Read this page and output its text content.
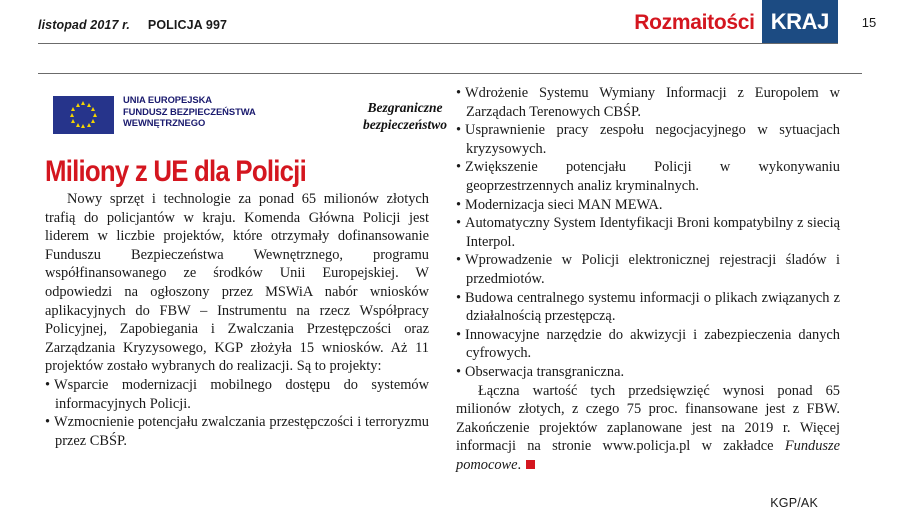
listopad 2017 r. POLICJA 997	Rozmaitości KRAJ	15
UNIA EUROPEJSKA
FUNDUSZ BEZPIECZEŃSTWA
WEWNĘTRZNEGO
Bezgraniczne
bezpieczeństwo
Miliony z UE dla Policji

Nowy sprzęt i technologie za ponad 65 milionów złotych trafią do policjantów w kraju. Komenda Główna Policji jest liderem w liczbie projektów, które otrzymały dofinansowanie Funduszu Bezpieczeństwa Wewnętrznego, programu współfinansowanego ze środków Unii Europejskiej. W odpowiedzi na ogłoszony przez MSWiA nabór wniosków aplikacyjnych do FBW – Instrumentu na rzecz Współpracy Policyjnej, Zapobiegania i Zwalczania Przestępczości oraz Zarządzania Kryzysowego, KGP złożyła 15 wniosków. Aż 11 projektów zostało wybranych do realizacji. Są to projekty:

• Wsparcie modernizacji mobilnego dostępu do systemów informacyjnych Policji.
• Wzmocnienie potencjału zwalczania przestępczości i terroryzmu przez CBŚP.
• Wdrożenie Systemu Wymiany Informacji z Europolem w Zarządach Terenowych CBŚP.
• Usprawnienie pracy zespołu negocjacyjnego w sytuacjach kryzysowych.
• Zwiększenie potencjału Policji w wykonywaniu geoprzestrzennych analiz kryminalnych.
• Modernizacja sieci MAN MEWA.
• Automatyczny System Identyfikacji Broni kompatybilny z siecią Interpol.
• Wprowadzenie w Policji elektronicznej rejestracji śladów i przedmiotów.
• Budowa centralnego systemu informacji o plikach związanych z działalnością przestępczą.
• Innowacyjne narzędzie do akwizycji i zabezpieczenia danych cyfrowych.
• Obserwacja transgraniczna.

Łączna wartość tych przedsięwzięć wynosi ponad 65 milionów złotych, z czego 75 proc. finansowane jest z FBW. Zakończenie projektów zaplanowane jest na 2019 r. Więcej informacji na stronie www.policja.pl w zakładce Fundusze pomocowe.

KGP/AK
